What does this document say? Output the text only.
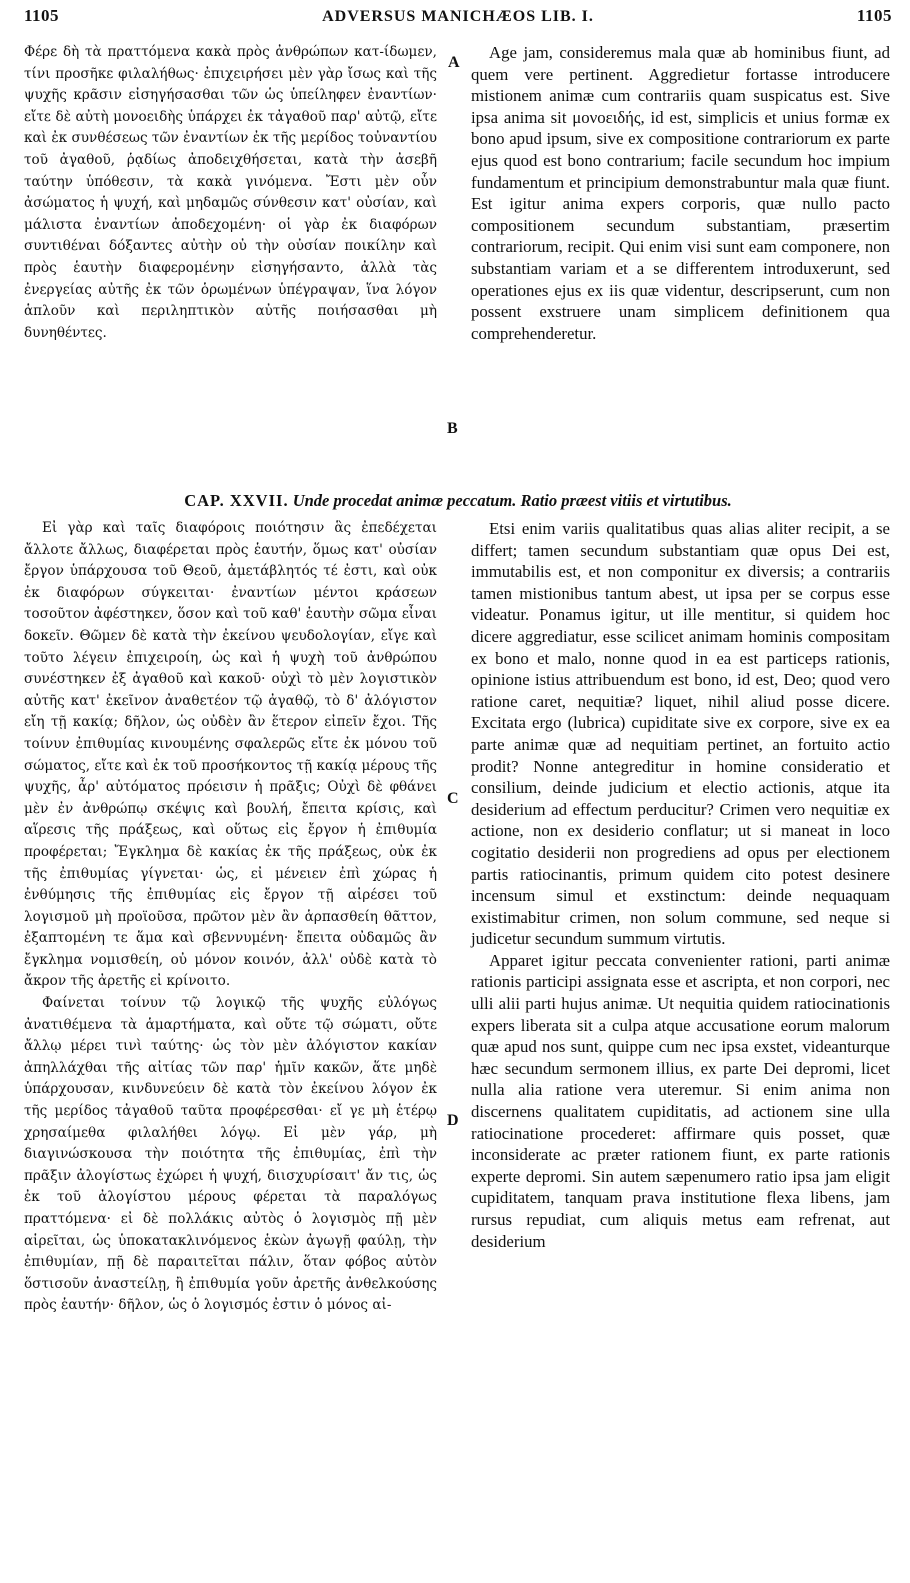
1105	ADVERSUS MANICHÆOS LIB. I.	1105

Φέρε δὴ τὰ πραττόμενα κακὰ πρὸς ἀνθρώπων κατ-ίδωμεν, τίνι προσῆκε φιλαλήθως· ἐπιχειρήσει μὲν γὰρ ἴσως καὶ τῆς ψυχῆς κρᾶσιν εἰσηγήσασθαι τῶν ὡς ὑπείληφεν ἐναντίων· εἴτε δὲ αὐτὴ μονοειδὴς ὑπάρχει ἐκ τἀγαθοῦ παρ' αὐτῷ, εἴτε καὶ ἐκ συνθέσεως τῶν ἐναντίων ἐκ τῆς μερίδος τοὐναντίου τοῦ ἀγαθοῦ, ῥᾳδίως ἀποδειχθήσεται, κατὰ τὴν ἀσεβῆ ταύτην ὑπόθεσιν, τὰ κακὰ γινόμενα. Ἔστι μὲν οὖν ἀσώματος ἡ ψυχή, καὶ μηδαμῶς σύνθεσιν κατ' οὐσίαν, καὶ μάλιστα ἐναντίων ἀποδεχομένη· οἱ γὰρ ἐκ διαφόρων συντιθέναι δόξαντες αὐτὴν οὐ τὴν οὐσίαν ποικίλην καὶ πρὸς ἑαυτὴν διαφερομένην εἰσηγήσαντο, ἀλλὰ τὰς ἐνεργείας αὐτῆς ἐκ τῶν ὁρωμένων ὑπέγραψαν, ἵνα λόγον ἁπλοῦν καὶ περιληπτικὸν αὐτῆς ποιήσασθαι μὴ δυνηθέντες.

Age jam, consideremus mala quæ ab hominibus fiunt, ad quem vere pertinent. Aggredietur fortasse introducere mistionem animæ cum contrariis quam suspicatus est. Sive ipsa anima sit μονοειδής, id est, simplicis et unius formæ ex bono apud ipsum, sive ex compositione contrariorum ex parte ejus quod est bono contrarium; facile secundum hoc impium fundamentum et principium demonstrabuntur mala quæ fiunt. Est igitur anima expers corporis, quæ nullo pacto compositionem secundum substantiam, præsertim contrariorum, recipit. Qui enim visi sunt eam componere, non substantiam variam et a se differentem introduxerunt, sed operationes ejus ex iis quæ videntur, descripserunt, cum non possent exstruere unam simplicem definitionem qua comprehenderetur.

A
B
CAP. XXVII. Unde procedat animæ peccatum. Ratio præest vitiis et virtutibus.

Εἰ γὰρ καὶ ταῖς διαφόροις ποιότησιν ἃς ἐπεδέχεται ἄλλοτε ἄλλως, διαφέρεται πρὸς ἑαυτήν, ὅμως κατ' οὐσίαν ἔργον ὑπάρχουσα τοῦ Θεοῦ, ἀμετάβλητός τέ ἐστι, καὶ οὐκ ἐκ διαφόρων σύγκειται· ἐναντίων μέντοι κράσεων τοσοῦτον ἀφέστηκεν, ὅσον καὶ τοῦ καθ' ἑαυτὴν σῶμα εἶναι δοκεῖν. Θῶμεν δὲ κατὰ τὴν ἐκείνου ψευδολογίαν, εἴγε καὶ τοῦτο λέγειν ἐπιχειροίη, ὡς καὶ ἡ ψυχὴ τοῦ ἀνθρώπου συνέστηκεν ἐξ ἀγαθοῦ καὶ κακοῦ· οὐχὶ τὸ μὲν λογιστικὸν αὐτῆς κατ' ἐκεῖνον ἀναθετέον τῷ ἀγαθῷ, τὸ δ' ἀλόγιστον εἴη τῇ κακίᾳ; δῆλον, ὡς οὐδὲν ἂν ἕτερον εἰπεῖν ἔχοι. Τῆς τοίνυν ἐπιθυμίας κινουμένης σφαλερῶς εἴτε ἐκ μόνου τοῦ σώματος, εἴτε καὶ ἐκ τοῦ προσήκοντος τῇ κακίᾳ μέρους τῆς ψυχῆς, ἆρ' αὐτόματος πρόεισιν ἡ πρᾶξις; Οὐχὶ δὲ φθάνει μὲν ἐν ἀνθρώπῳ σκέψις καὶ βουλή, ἔπειτα κρίσις, καὶ αἵρεσις τῆς πράξεως, καὶ οὕτως εἰς ἔργον ἡ ἐπιθυμία προφέρεται; Ἔγκλημα δὲ κακίας ἐκ τῆς πράξεως, οὐκ ἐκ τῆς ἐπιθυμίας γίγνεται· ὡς, εἰ μένειεν ἐπὶ χώρας ἡ ἐνθύμησις τῆς ἐπιθυμίας εἰς ἔργον τῇ αἱρέσει τοῦ λογισμοῦ μὴ προϊοῦσα, πρῶτον μὲν ἂν ἁρπασθείη θᾶττον, ἐξαπτομένη τε ἅμα καὶ σβεννυμένη· ἔπειτα οὐδαμῶς ἂν ἔγκλημα νομισθείη, οὐ μόνον κοινόν, ἀλλ' οὐδὲ κατὰ τὸ ἄκρον τῆς ἀρετῆς εἰ κρίνοιτο.

Φαίνεται τοίνυν τῷ λογικῷ τῆς ψυχῆς εὐλόγως ἀνατιθέμενα τὰ ἁμαρτήματα, καὶ οὔτε τῷ σώματι, οὔτε ἄλλῳ μέρει τινὶ ταύτης· ὡς τὸν μὲν ἀλόγιστον κακίαν ἀπηλλάχθαι τῆς αἰτίας τῶν παρ' ἡμῖν κακῶν, ἅτε μηδὲ ὑπάρχουσαν, κινδυνεύειν δὲ κατὰ τὸν ἐκείνου λόγον ἐκ τῆς μερίδος τἀγαθοῦ ταῦτα προφέρεσθαι· εἴ γε μὴ ἑτέρῳ χρησαίμεθα φιλαλήθει λόγῳ. Εἰ μὲν γάρ, μὴ διαγινώσκουσα τὴν ποιότητα τῆς ἐπιθυμίας, ἐπὶ τὴν πρᾶξιν ἀλογίστως ἐχώρει ἡ ψυχή, διισχυρίσαιτ' ἄν τις, ὡς ἐκ τοῦ ἀλογίστου μέρους φέρεται τὰ παραλόγως πραττόμενα· εἰ δὲ πολλάκις αὐτὸς ὁ λογισμὸς πῇ μὲν αἱρεῖται, ὡς ὑποκατακλινόμενος ἑκὼν ἀγωγῇ φαύλῃ, τὴν ἐπιθυμίαν, πῇ δὲ παραιτεῖται πάλιν, ὅταν φόβος αὐτὸν ὅστισοῦν ἀναστείλῃ, ἢ ἐπιθυμία γοῦν ἀρετῆς ἀνθελκούσης πρὸς ἑαυτήν· δῆλον, ὡς ὁ λογισμός ἐστιν ὁ μόνος αἰ-

Etsi enim variis qualitatibus quas alias aliter recipit, a se differt; tamen secundum substantiam quæ opus Dei est, immutabilis est, et non componitur ex diversis; a contrariis tamen mistionibus tantum abest, ut ipsa per se corpus esse videatur. Ponamus igitur, ut ille mentitur, si quidem hoc dicere aggrediatur, esse scilicet animam hominis compositam ex bono et malo, nonne quod in ea est particeps rationis, opinione istius attribuendum est bono, id est, Deo; quod vero ratione caret, nequitiæ? liquet, nihil aliud posse dicere. Excitata ergo (lubrica) cupiditate sive ex corpore, sive ex ea parte animæ quæ ad nequitiam pertinet, an fortuito actio prodit? Nonne antegreditur in homine consideratio et consilium, deinde judicium et electio actionis, atque ita desiderium ad effectum perducitur? Crimen vero nequitiæ ex actione, non ex desiderio conflatur; ut si maneat in loco cogitatio desiderii non progrediens ad opus per electionem partis ratiocinantis, primum quidem cito potest desinere incensum simul et exstinctum: deinde nequaquam existimabitur crimen, non solum commune, sed neque si judicetur secundum summum virtutis.

Apparet igitur peccata convenienter rationi, parti animæ rationis participi assignata esse et ascripta, et non corpori, nec ulli alii parti hujus animæ. Ut nequitia quidem ratiocinationis expers liberata sit a culpa atque accusatione eorum malorum quæ apud nos sunt, quippe cum nec ipsa exstet, videanturque hæc secundum sermonem illius, ex parte Dei depromi, licet nulla alia ratione vera uteremur. Si enim anima non discernens qualitatem cupiditatis, ad actionem sine ulla ratiocinatione procederet: affirmare quis posset, quæ inconsiderate ac præter rationem fiunt, ex parte rationis experte depromi. Sin autem sæpenumero ratio ipsa jam eligit cupiditatem, tanquam prava institutione flexa libens, jam rursus repudiat, cum aliquis metus eam refrenat, aut desiderium

C
D
